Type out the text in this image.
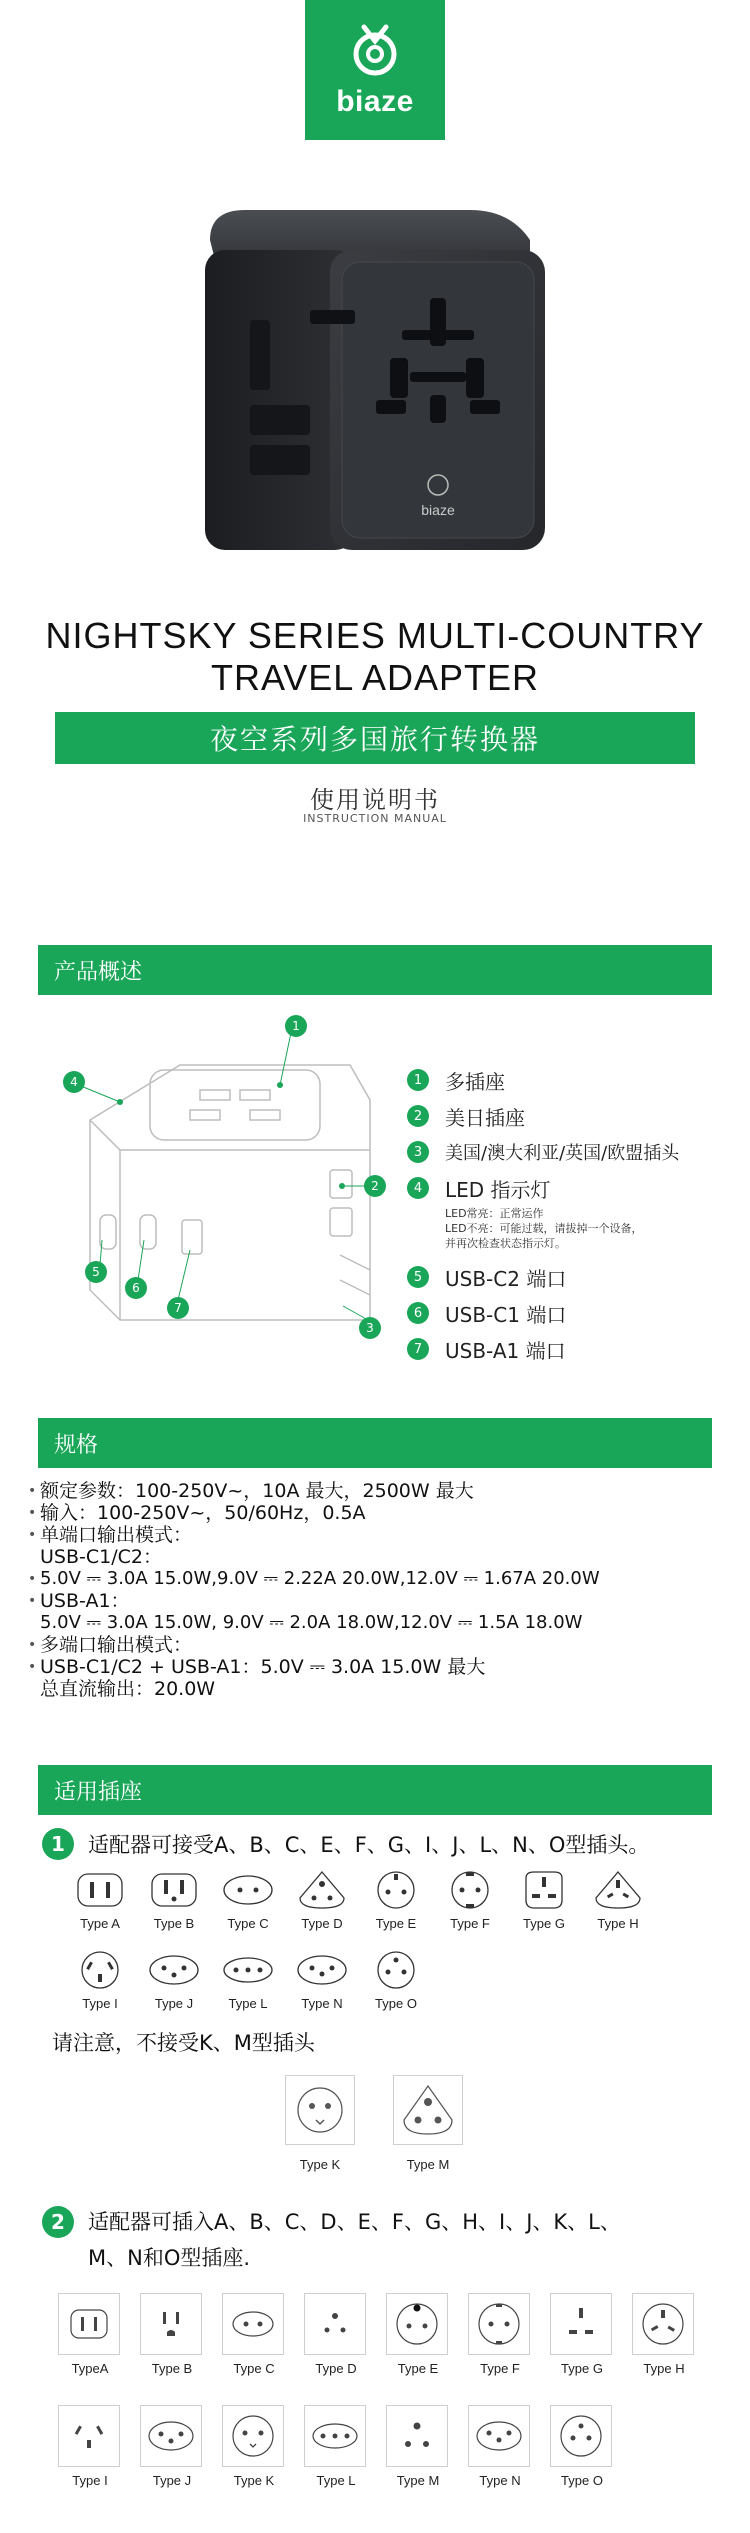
biaze
biaze
NIGHTSKY SERIES MULTI-COUNTRY
TRAVEL ADAPTER
夜空系列多国旅行转换器
使用说明书
INSTRUCTION MANUAL
产品概述
1
4
2
3
5
6
7
1	多插座
2	美日插座
3	美国/澳大利亚/英国/欧盟插头
4	LED 指示灯
LED常亮：正常运作
LED不亮：可能过载，请拔掉一个设备，
并再次检查状态指示灯。
5	USB-C2 端口
6	USB-C1 端口
7	USB-A1 端口
规格
• 额定参数：100-250V~，10A 最大，2500W 最大
• 输入：100-250V~，50/60Hz，0.5A
• 单端口输出模式：
USB-C1/C2：
• 5.0V ⎓ 3.0A 15.0W,9.0V ⎓ 2.22A 20.0W,12.0V ⎓ 1.67A 20.0W
• USB-A1：
5.0V ⎓ 3.0A 15.0W, 9.0V ⎓ 2.0A 18.0W,12.0V ⎓ 1.5A 18.0W
• 多端口输出模式：
• USB-C1/C2 + USB-A1：5.0V ⎓ 3.0A 15.0W 最大
总直流输出：20.0W
适用插座
1	适配器可接受A、B、C、E、F、G、I、J、L、N、O型插头。
Type A	Type B	Type C	Type D	Type E	Type F	Type G	Type H
Type I	Type J	Type L	Type N	Type O
请注意，不接受K、M型插头
Type K	Type M
2	适配器可插入A、B、C、D、E、F、G、H、I、J、K、L、
M、N和O型插座.
TypeA	Type B	Type C	Type D	Type E	Type F	Type G	Type H
Type I	Type J	Type K	Type L	Type M	Type N	Type O
